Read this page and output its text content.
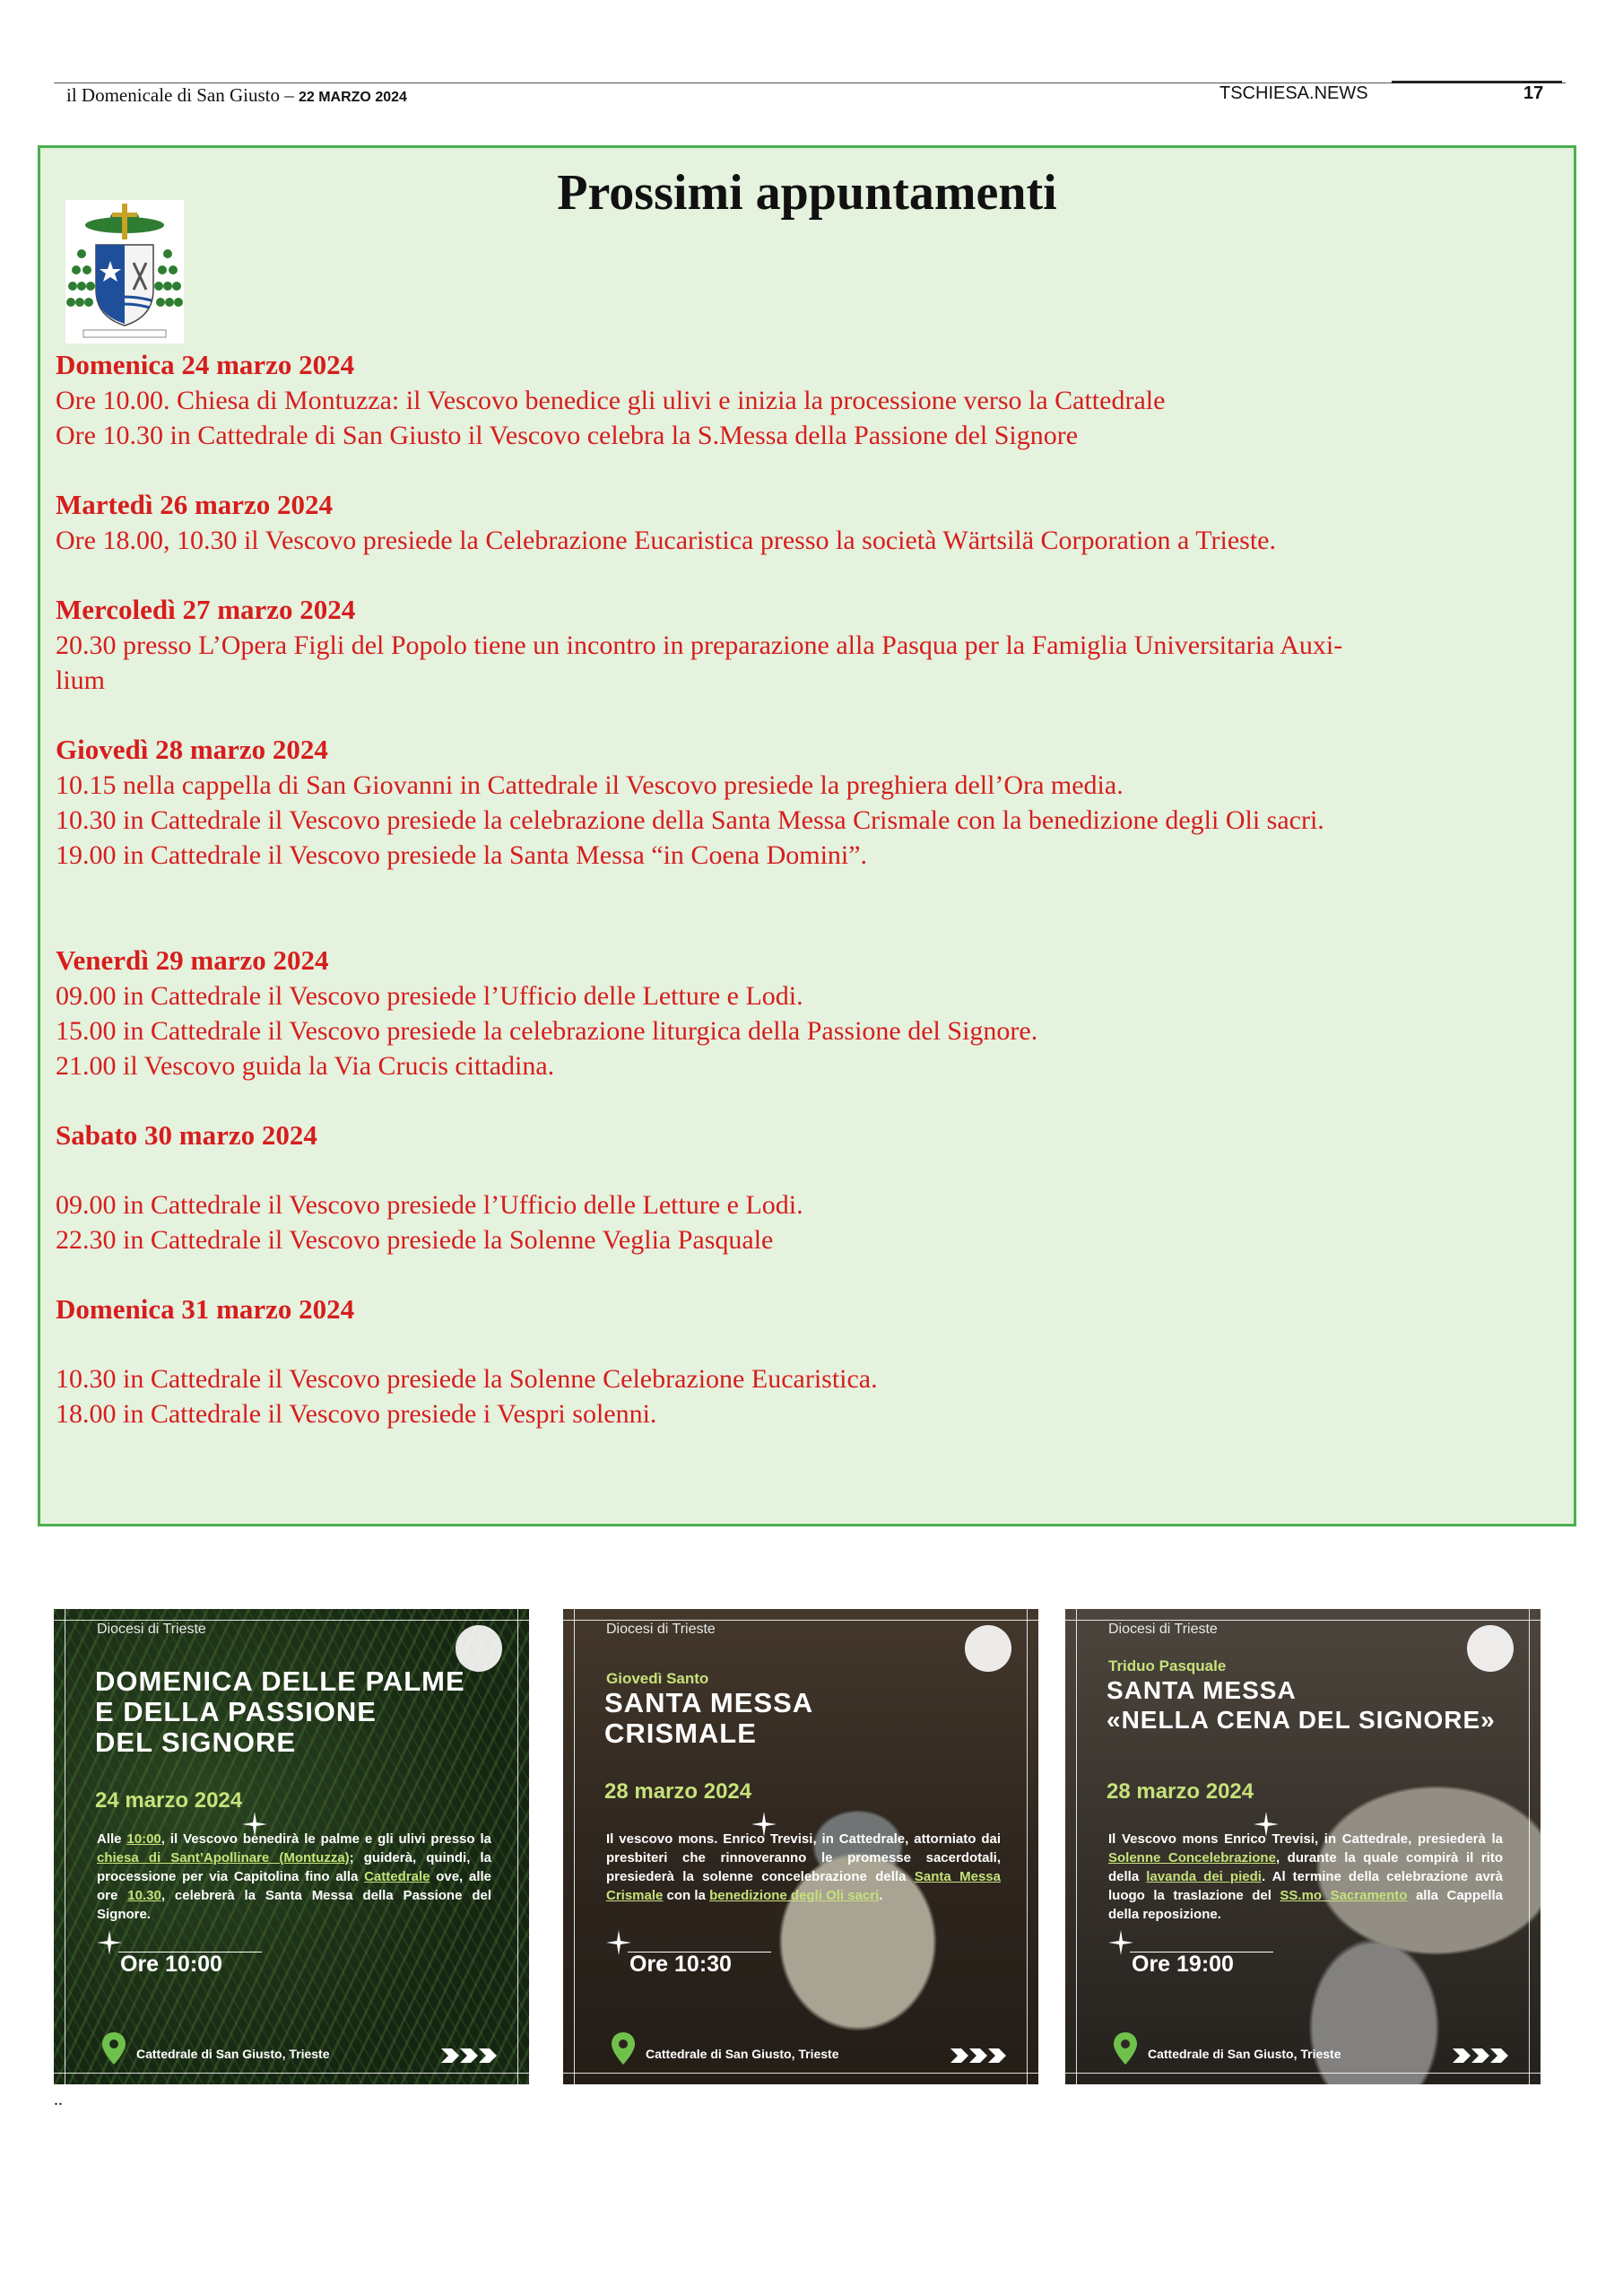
il Domenicale di San Giusto – 22 MARZO 2024	TSCHIESA.NEWS	17
Prossimi appuntamenti
Domenica 24 marzo 2024

Ore 10.00. Chiesa di Montuzza: il Vescovo benedice gli ulivi e inizia la processione verso la Cattedrale

Ore 10.30 in Cattedrale di San Giusto il Vescovo celebra la S.Messa della Passione del Signore

Martedì 26 marzo 2024

Ore 18.00, 10.30 il Vescovo presiede la Celebrazione Eucaristica presso la società Wärtsilä Corporation a Trieste.

Mercoledì 27 marzo 2024

20.30 presso L’Opera Figli del Popolo tiene un incontro in preparazione alla Pasqua per la Famiglia Universitaria Auxi-

lium

Giovedì 28 marzo 2024

10.15 nella cappella di San Giovanni in Cattedrale il Vescovo presiede la preghiera dell’Ora media.

10.30 in Cattedrale il Vescovo presiede la celebrazione della Santa Messa Crismale con la benedizione degli Oli sacri.

19.00 in Cattedrale il Vescovo presiede la Santa Messa “in Coena Domini”.

Venerdì 29 marzo 2024

09.00 in Cattedrale il Vescovo presiede l’Ufficio delle Letture e Lodi.

15.00 in Cattedrale il Vescovo presiede la celebrazione liturgica della Passione del Signore.

21.00 il Vescovo guida la Via Crucis cittadina.

Sabato 30 marzo 2024

09.00 in Cattedrale il Vescovo presiede l’Ufficio delle Letture e Lodi.

22.30 in Cattedrale il Vescovo presiede la Solenne Veglia Pasquale

Domenica 31 marzo 2024

10.30 in Cattedrale il Vescovo presiede la Solenne Celebrazione Eucaristica.

18.00 in Cattedrale il Vescovo presiede i Vespri solenni.

Diocesi di Trieste
DOMENICA DELLE PALME
E DELLA PASSIONE
DEL SIGNORE
24 marzo 2024
Alle 10:00, il Vescovo benedirà le palme e gli ulivi presso la chiesa di Sant’Apollinare (Montuzza); guiderà, quindi, la processione per via Capitolina fino alla Cattedrale ove, alle ore 10.30, celebrerà la Santa Messa della Passione del Signore.
Ore 10:00
Cattedrale di San Giusto, Trieste
Diocesi di Trieste
Giovedì Santo
SANTA MESSA
CRISMALE
28 marzo 2024
Il vescovo mons. Enrico Trevisi, in Cattedrale, attorniato dai presbiteri che rinnoveranno le promesse sacerdotali, presiederà la solenne concelebrazione della Santa Messa Crismale con la benedizione degli Oli sacri.
Ore 10:30
Cattedrale di San Giusto, Trieste
Diocesi di Trieste
Triduo Pasquale
SANTA MESSA
«NELLA CENA DEL SIGNORE»
28 marzo 2024
Il Vescovo mons Enrico Trevisi, in Cattedrale, presiederà la Solenne Concelebrazione, durante la quale compirà il rito della lavanda dei piedi. Al termine della celebrazione avrà luogo la traslazione del SS.mo Sacramento alla Cappella della reposizione.
Ore 19:00
Cattedrale di San Giusto, Trieste
..
